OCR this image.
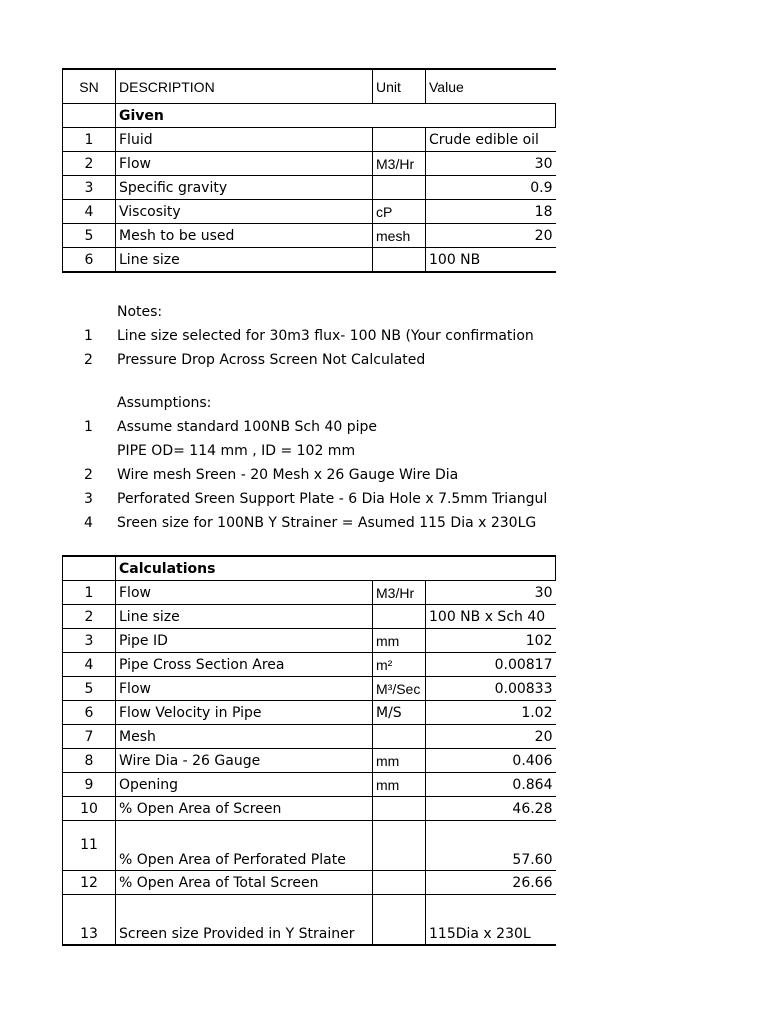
SN	DESCRIPTION	Unit	Value
	Given		
1	Fluid		Crude edible oil
2	Flow	M3/Hr	30
3	Specific gravity		0.9
4	Viscosity	cP	18
5	Mesh to be used	mesh	20
6	Line size		100 NB
Notes:
1	Line size selected for 30m3 flux- 100 NB (Your confirmation
2	Pressure Drop Across Screen Not Calculated
Assumptions:
1	Assume standard 100NB Sch 40 pipe
PIPE OD= 114 mm , ID = 102 mm
2	Wire mesh Sreen - 20 Mesh x 26 Gauge Wire Dia
3	Perforated Sreen Support Plate - 6 Dia Hole x 7.5mm Triangul
4	Sreen size for 100NB Y Strainer = Asumed 115 Dia x 230LG
	Calculations		
1	Flow	M3/Hr	30
2	Line size		100 NB x Sch 40
3	Pipe ID	mm	102
4	Pipe Cross Section Area	m²	0.00817
5	Flow	M³/Sec	0.00833
6	Flow Velocity in Pipe	M/S	1.02
7	Mesh		20
8	Wire Dia - 26 Gauge	mm	0.406
9	Opening	mm	0.864
10	% Open Area of Screen		46.28
11	% Open Area of Perforated Plate		57.60
12	% Open Area of Total Screen		26.66
13	Screen size Provided in Y Strainer		115Dia x 230L
